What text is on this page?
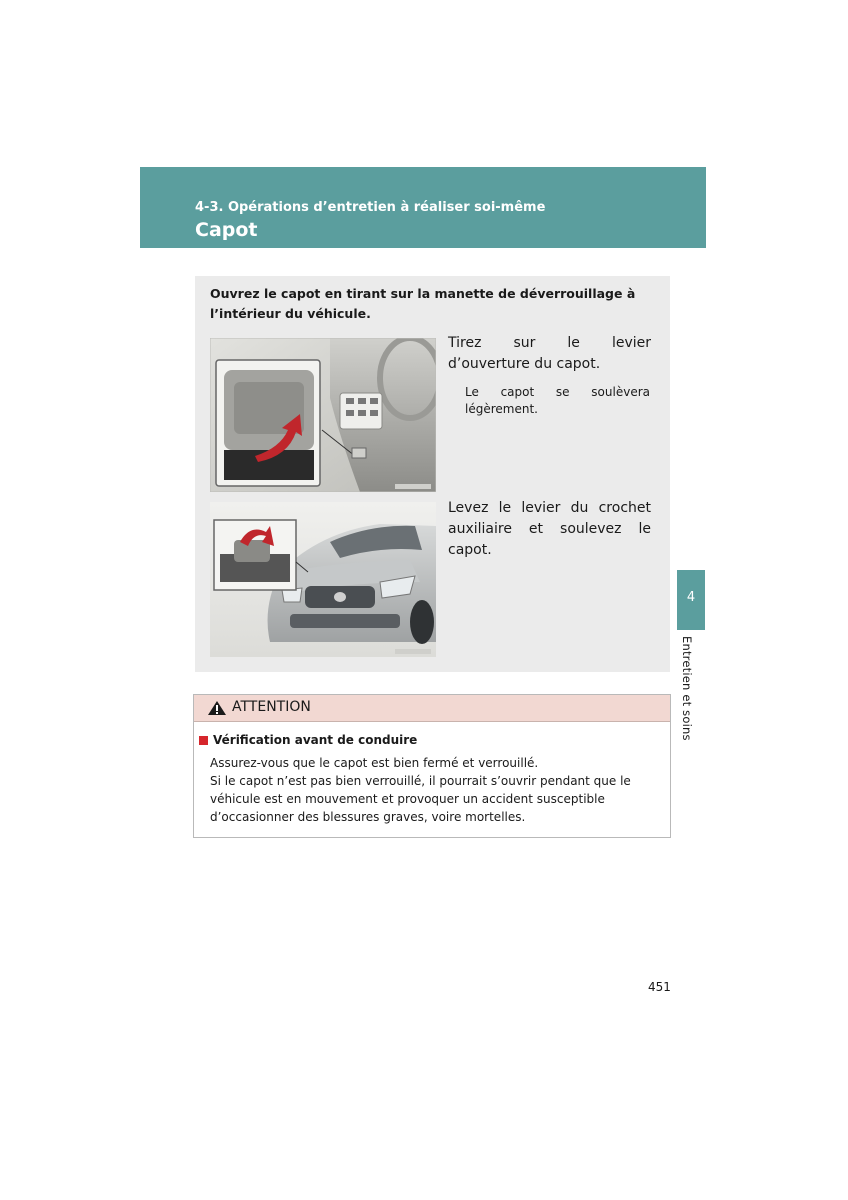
4-3. Opérations d’entretien à réaliser soi-même
Capot
Ouvrez le capot en tirant sur la manette de déverrouillage à l’intérieur du véhicule.
Tirez sur le levier d’ouverture du capot.
Le capot se soulèvera légèrement.
Levez le levier du crochet auxiliaire et soulevez le capot.
4
Entretien et soins
ATTENTION
Vérification avant de conduire
Assurez-vous que le capot est bien fermé et verrouillé.
Si le capot n’est pas bien verrouillé, il pourrait s’ouvrir pendant que le véhicule est en mouvement et provoquer un accident susceptible d’occasionner des blessures graves, voire mortelles.
451
